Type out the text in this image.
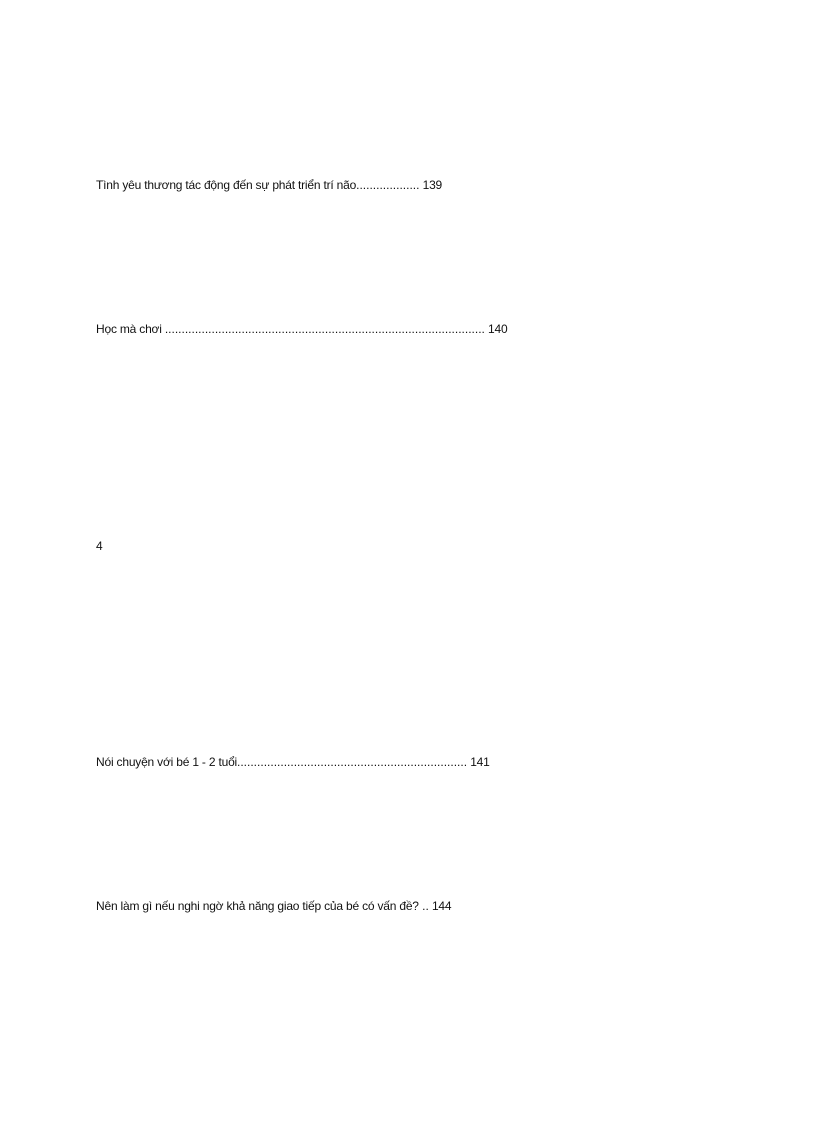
Tình yêu thương tác động đến sự phát triển trí não................... 139
Học mà chơi ................................................................................................ 140
4
Nói chuyện với bé 1 - 2 tuổi..................................................................... 141
Nên làm gì nếu nghi ngờ khả năng giao tiếp của bé có vấn đề? .. 144
